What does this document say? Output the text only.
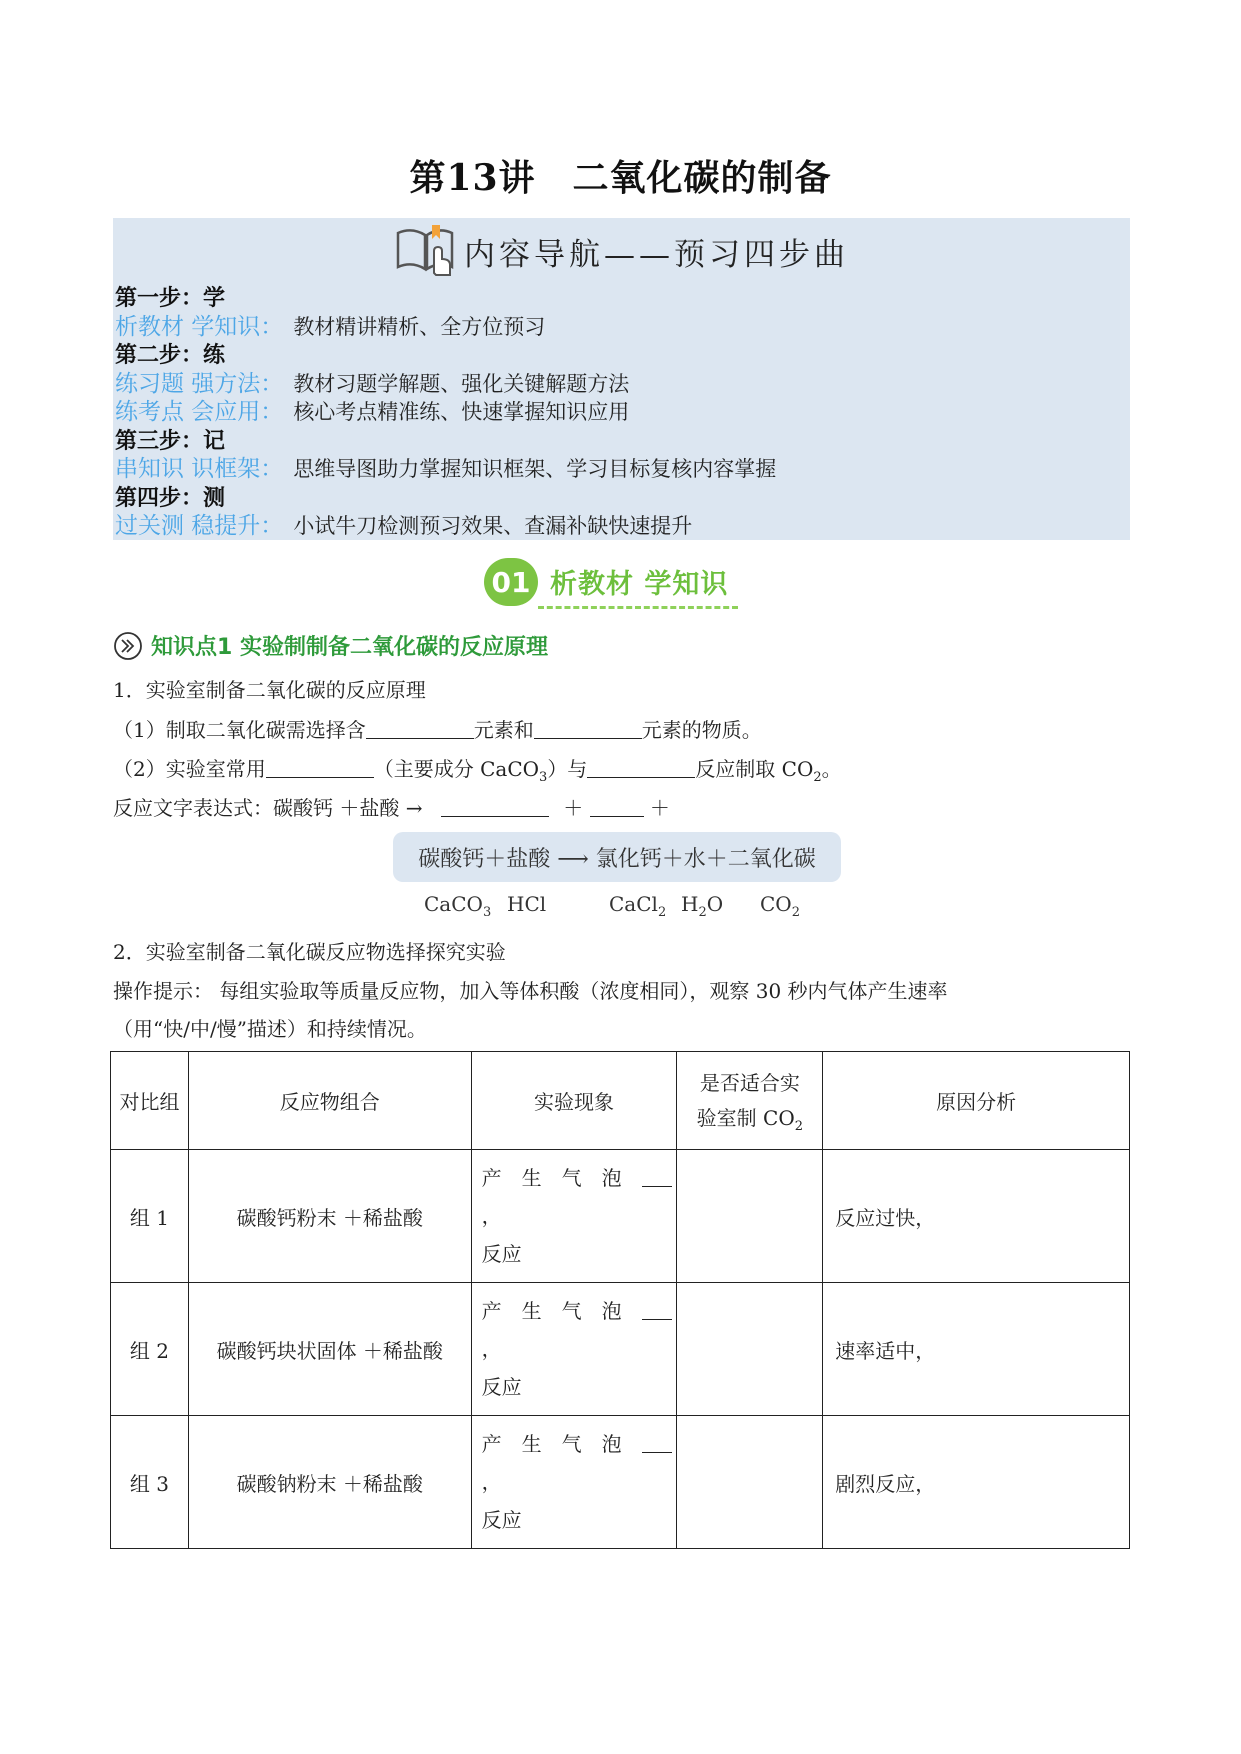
第13讲　二氧化碳的制备
内容导航——预习四步曲
第一步：学
析教材 学知识： 教材精讲精析、全方位预习
第二步：练
练习题 强方法： 教材习题学解题、强化关键解题方法
练考点 会应用： 核心考点精准练、快速掌握知识应用
第三步：记
串知识 识框架： 思维导图助力掌握知识框架、学习目标复核内容掌握
第四步：测
过关测 稳提升： 小试牛刀检测预习效果、查漏补缺快速提升
01 析教材 学知识
知识点1 实验制制备二氧化碳的反应原理
1．实验室制备二氧化碳的反应原理
（1）制取二氧化碳需选择含	元素和	元素的物质。
（2）实验室常用	（主要成分 CaCO$_3$）与	反应制取 $CO_2$。
反应文字表达式：碳酸钙 ＋盐酸 →	＋	＋
碳酸钙＋盐酸 ⟶ 氯化钙＋水＋二氧化碳
CaCO$_3$ HCl	CaCl$_2$ $H_2O$ $CO_2$
2．实验室制备二氧化碳反应物选择探究实验
操作提示： 每组实验取等质量反应物，加入等体积酸（浓度相同），观察 30 秒内气体产生速率
（用“快/中/慢”描述）和持续情况。
对比组	反应物组合	实验现象	是否适合实
验室制 $CO_2$	原因分析
组 1	碳酸钙粉末 ＋稀盐酸	产生气泡
，
反应		反应过快，
组 2	碳酸钙块状固体 ＋稀盐酸	产生气泡
，
反应		速率适中，
组 3	碳酸钠粉末 ＋稀盐酸	产生气泡
，
反应		剧烈反应，
